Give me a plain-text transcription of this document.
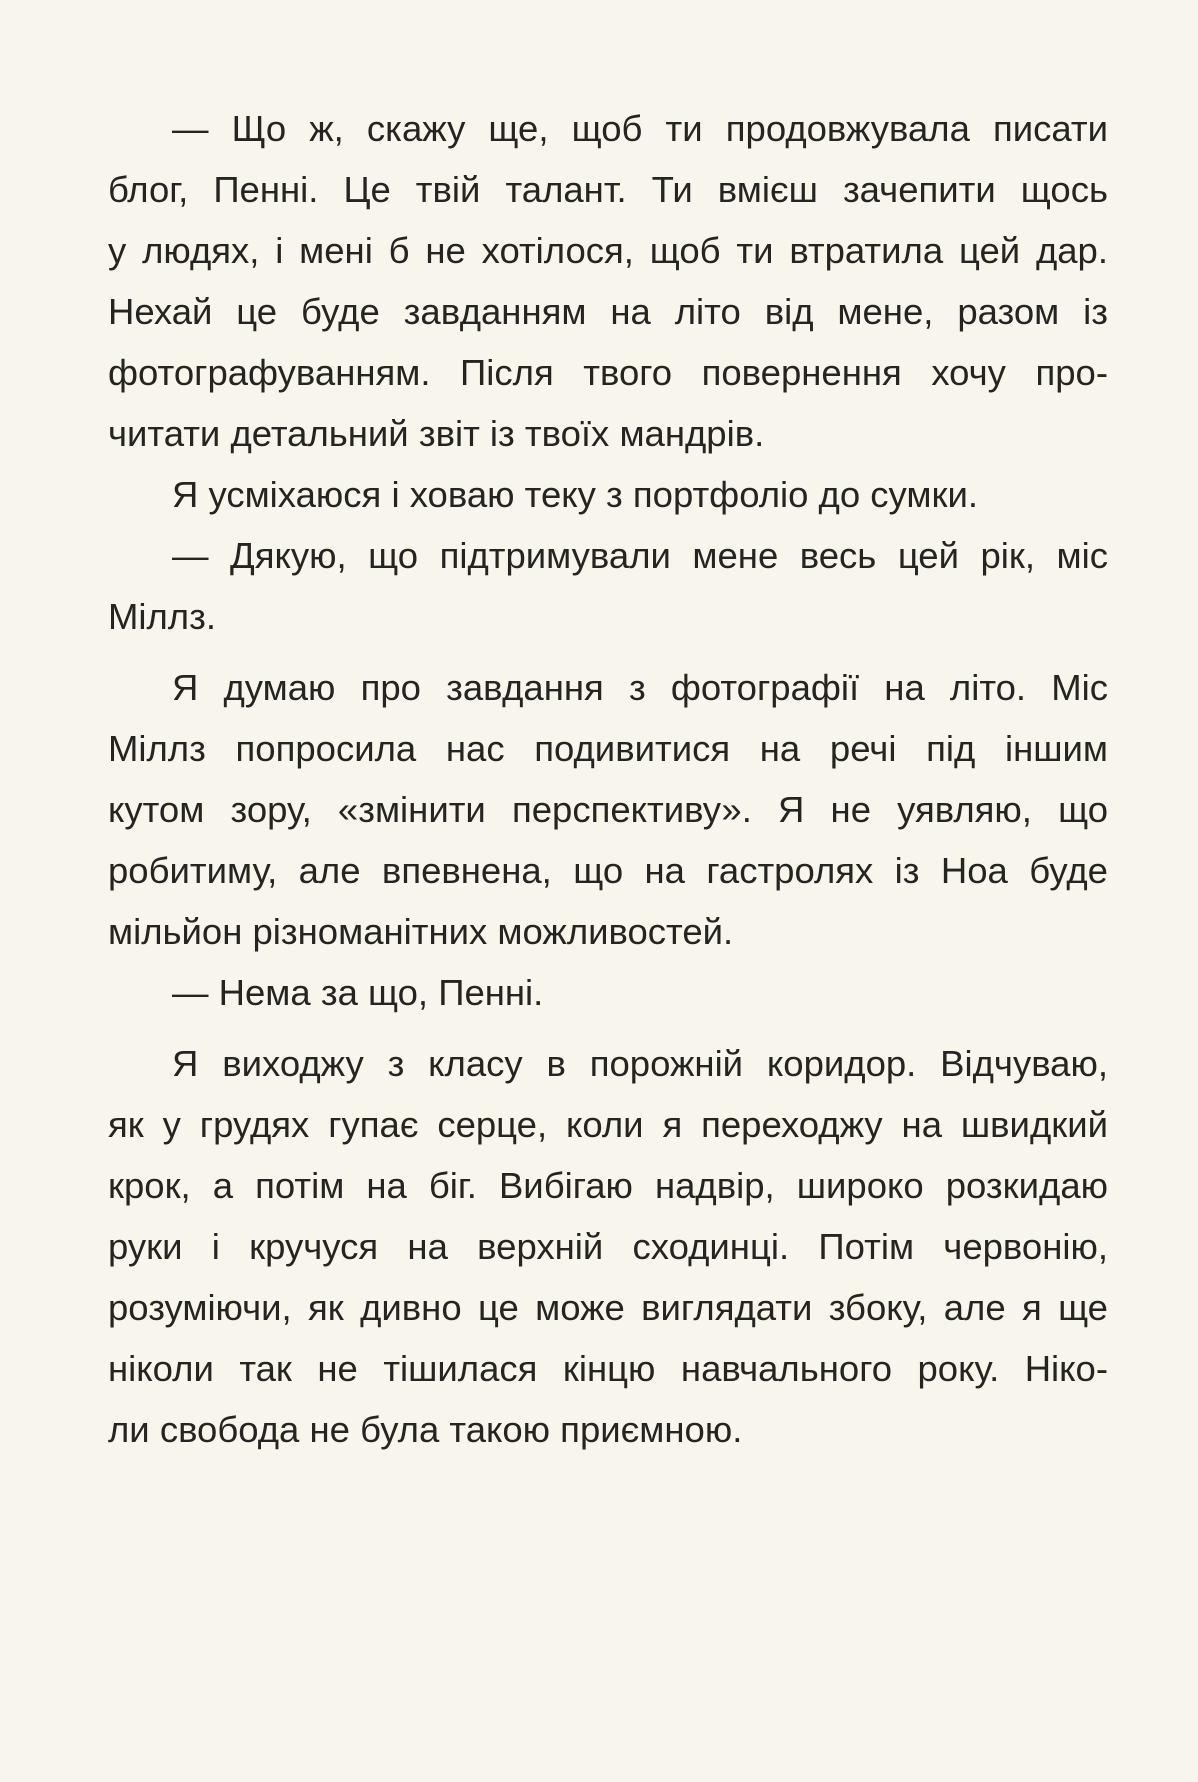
— Що ж, скажу ще, щоб ти продовжувала писати
блог, Пенні. Це твій талант. Ти вмієш зачепити щось
у людях, і мені б не хотілося, щоб ти втратила цей дар.
Нехай це буде завданням на літо від мене, разом із
фотографуванням. Після твого повернення хочу про-
читати детальний звіт із твоїх мандрів.
Я усміхаюся і ховаю теку з портфоліо до сумки.
— Дякую, що підтримували мене весь цей рік, міс
Міллз.
Я думаю про завдання з фотографії на літо. Міс
Міллз попросила нас подивитися на речі під іншим
кутом зору, «змінити перспективу». Я не уявляю, що
робитиму, але впевнена, що на гастролях із Ноа буде
мільйон різноманітних можливостей.
— Нема за що, Пенні.
Я виходжу з класу в порожній коридор. Відчуваю,
як у грудях гупає серце, коли я переходжу на швидкий
крок, а потім на біг. Вибігаю надвір, широко розкидаю
руки і кручуся на верхній сходинці. Потім червонію,
розуміючи, як дивно це може виглядати збоку, але я ще
ніколи так не тішилася кінцю навчального року. Ніко-
ли свобода не була такою приємною.
